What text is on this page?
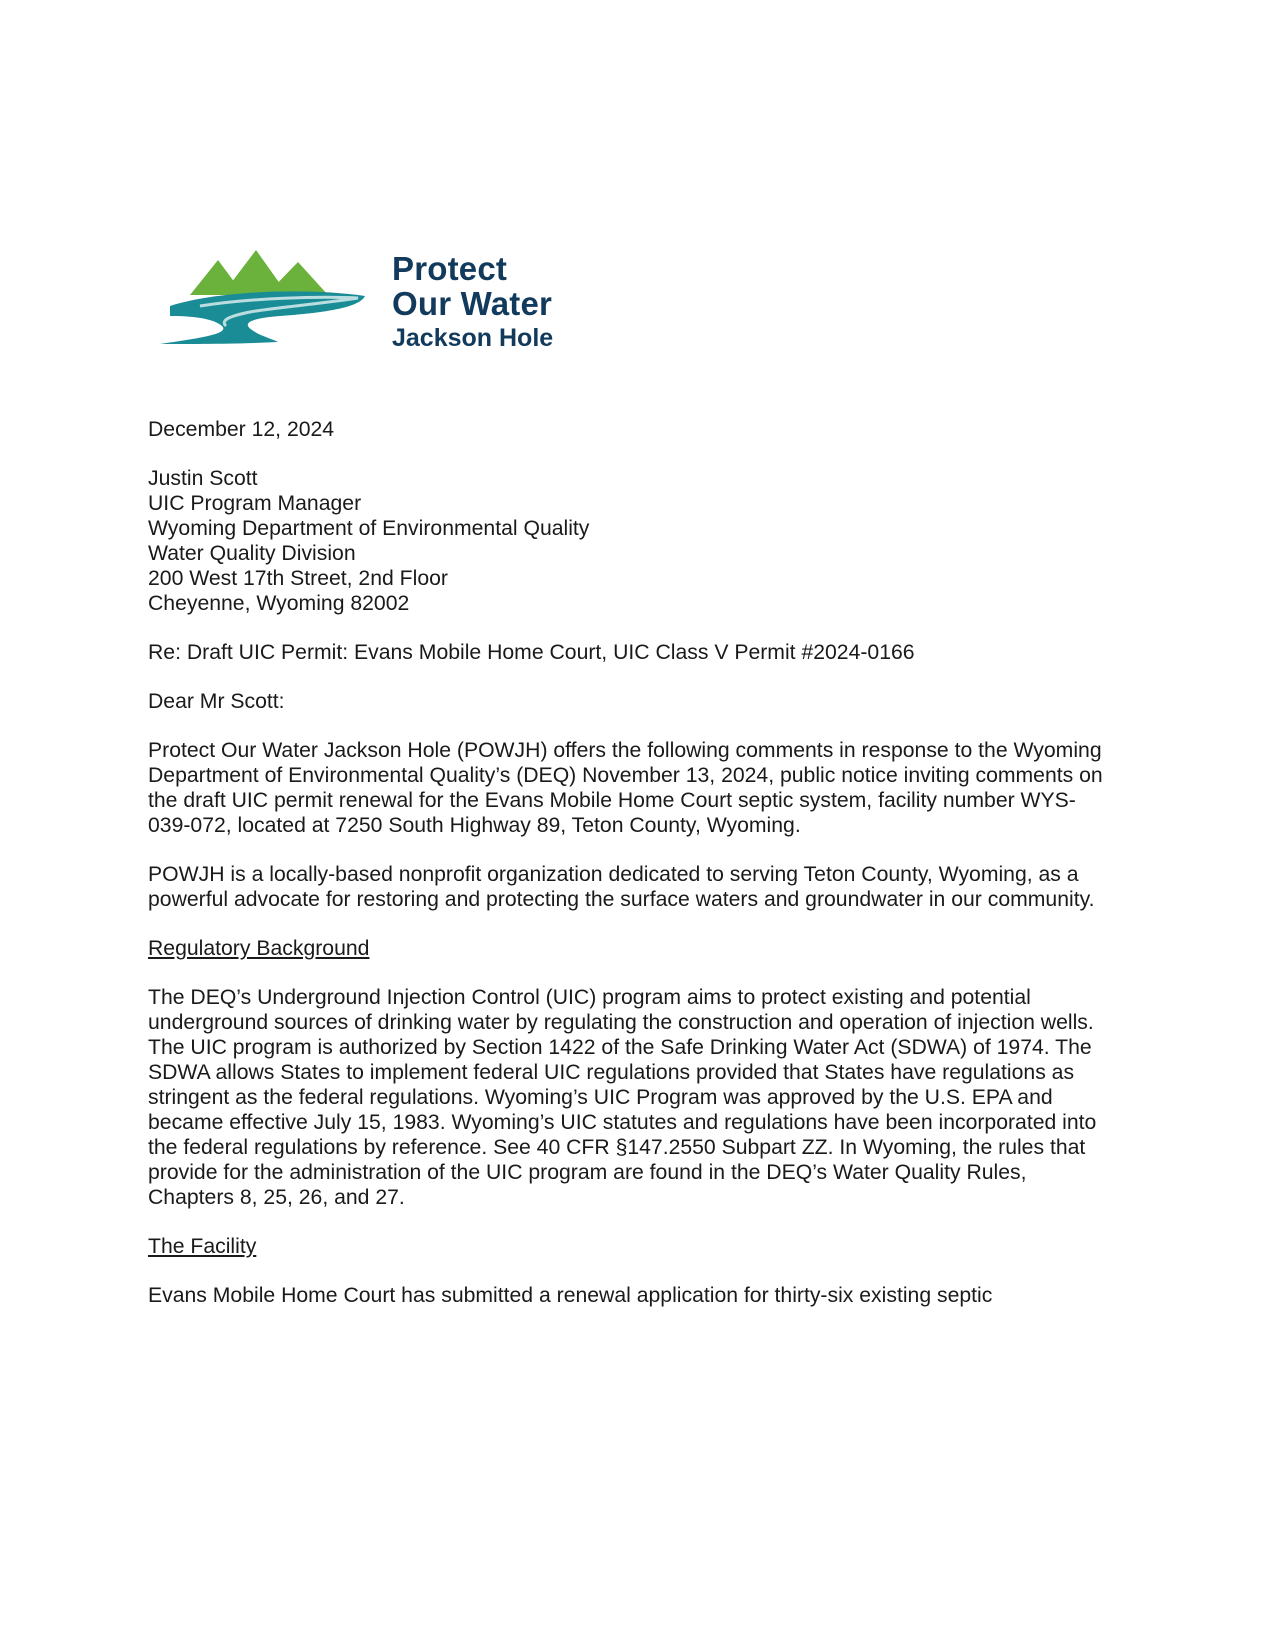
Protect
Our Water
Jackson Hole

December 12, 2024

Justin Scott
UIC Program Manager
Wyoming Department of Environmental Quality
Water Quality Division
200 West 17th Street, 2nd Floor
Cheyenne, Wyoming 82002

Re: Draft UIC Permit: Evans Mobile Home Court, UIC Class V Permit #2024-0166

Dear Mr Scott:

Protect Our Water Jackson Hole (POWJH) offers the following comments in response to the Wyoming Department of Environmental Quality’s (DEQ) November 13, 2024, public notice inviting comments on the draft UIC permit renewal for the Evans Mobile Home Court septic system, facility number WYS-039-072, located at 7250 South Highway 89, Teton County, Wyoming.

POWJH is a locally-based nonprofit organization dedicated to serving Teton County, Wyoming, as a powerful advocate for restoring and protecting the surface waters and groundwater in our community.

Regulatory Background

The DEQ’s Underground Injection Control (UIC) program aims to protect existing and potential underground sources of drinking water by regulating the construction and operation of injection wells. The UIC program is authorized by Section 1422 of the Safe Drinking Water Act (SDWA) of 1974. The SDWA allows States to implement federal UIC regulations provided that States have regulations as stringent as the federal regulations. Wyoming’s UIC Program was approved by the U.S. EPA and became effective July 15, 1983. Wyoming’s UIC statutes and regulations have been incorporated into the federal regulations by reference. See 40 CFR §147.2550 Subpart ZZ. In Wyoming, the rules that provide for the administration of the UIC program are found in the DEQ’s Water Quality Rules, Chapters 8, 25, 26, and 27.

The Facility

Evans Mobile Home Court has submitted a renewal application for thirty-six existing septic
